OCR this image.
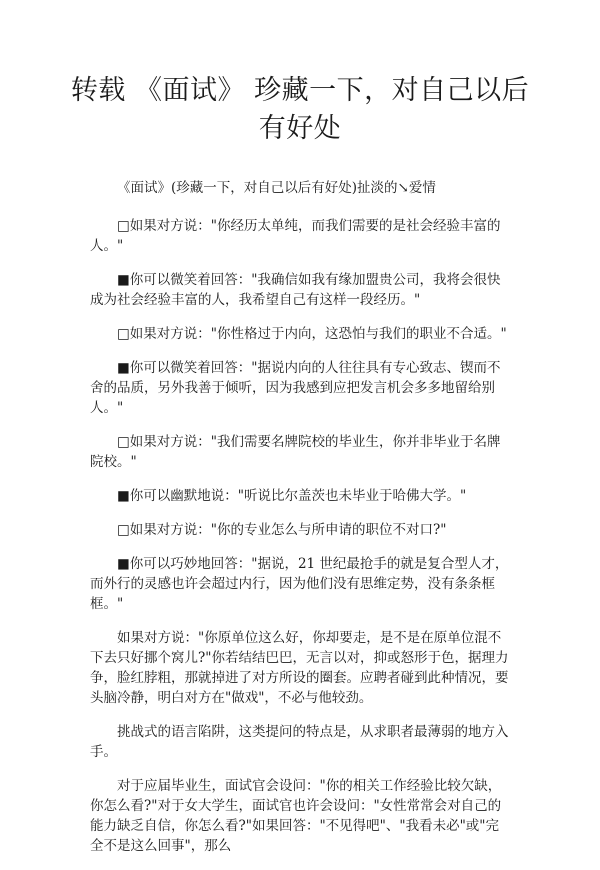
转载 《面试》 珍藏一下，对自己以后有好处

《面试》(珍藏一下，对自己以后有好处)扯淡的↘爱情

□如果对方说："你经历太单纯，而我们需要的是社会经验丰富的人。"

■你可以微笑着回答："我确信如我有缘加盟贵公司，我将会很快成为社会经验丰富的人，我希望自己有这样一段经历。"

□如果对方说："你性格过于内向，这恐怕与我们的职业不合适。"

■你可以微笑着回答："据说内向的人往往具有专心致志、锲而不舍的品质，另外我善于倾听，因为我感到应把发言机会多多地留给别人。"

□如果对方说："我们需要名牌院校的毕业生，你并非毕业于名牌院校。"

■你可以幽默地说："听说比尔盖茨也未毕业于哈佛大学。"

□如果对方说："你的专业怎么与所申请的职位不对口?"

■你可以巧妙地回答："据说，21 世纪最抢手的就是复合型人才，而外行的灵感也许会超过内行，因为他们没有思维定势，没有条条框框。"

如果对方说："你原单位这么好，你却要走，是不是在原单位混不下去只好挪个窝儿?"你若结结巴巴，无言以对，抑或怒形于色，据理力争，脸红脖粗，那就掉进了对方所设的圈套。应聘者碰到此种情况，要头脑冷静，明白对方在"做戏"，不必与他较劲。

挑战式的语言陷阱，这类提问的特点是，从求职者最薄弱的地方入手。

对于应届毕业生，面试官会设问："你的相关工作经验比较欠缺，你怎么看?"对于女大学生，面试官也许会设问："女性常常会对自己的能力缺乏自信，你怎么看?"如果回答："不见得吧"、"我看未必"或"完全不是这么回事"，那么
